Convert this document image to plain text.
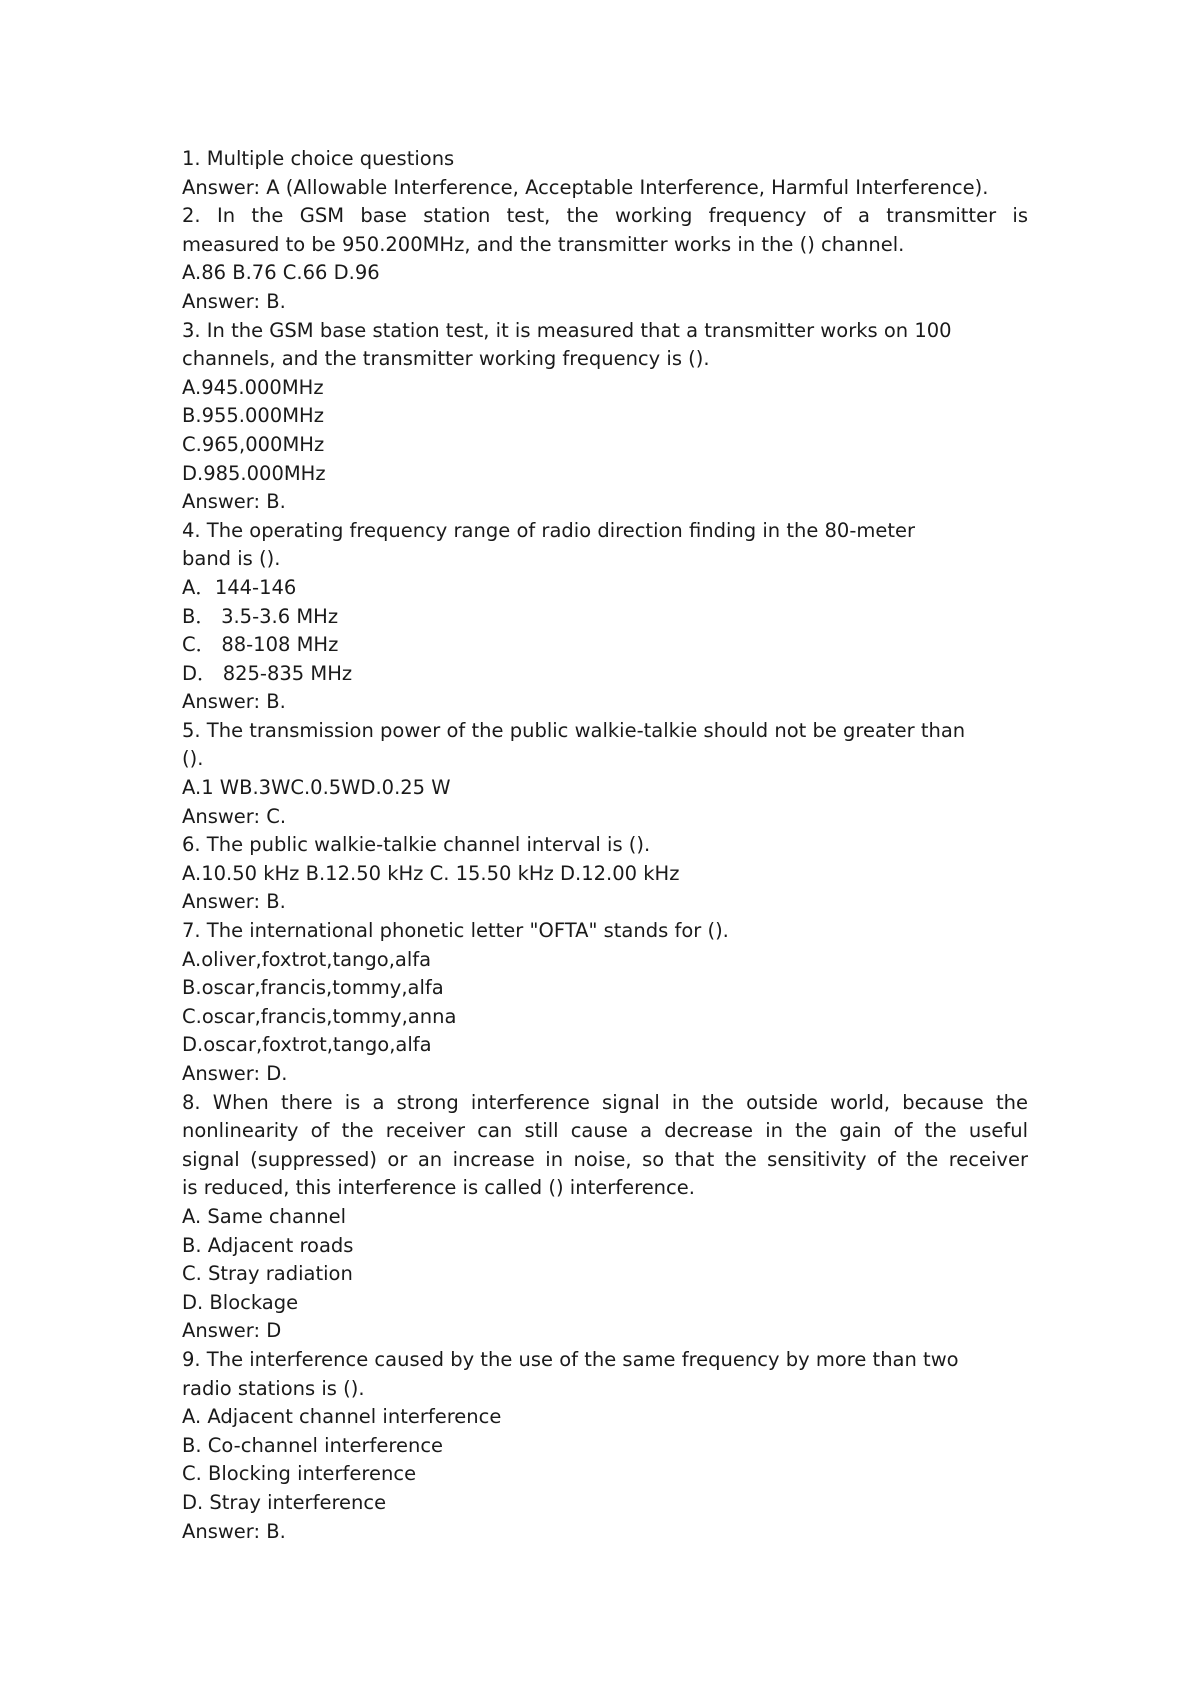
1. Multiple choice questions
Answer: A (Allowable Interference, Acceptable Interference, Harmful Interference).
2. In the GSM base station test, the working frequency of a transmitter is
measured to be 950.200MHz, and the transmitter works in the () channel.
A.86 B.76 C.66 D.96
Answer: B.
3. In the GSM base station test, it is measured that a transmitter works on 100
channels, and the transmitter working frequency is ().
A.945.000MHz
B.955.000MHz
C.965,000MHz
D.985.000MHz
Answer: B.
4. The operating frequency range of radio direction finding in the 80-meter
band is ().
A．144-146
B． 3.5-3.6 MHz
C． 88-108 MHz
D． 825-835 MHz
Answer: B.
5. The transmission power of the public walkie-talkie should not be greater than
().
A.1 WB.3WC.0.5WD.0.25 W
Answer: C.
6. The public walkie-talkie channel interval is ().
A.10.50 kHz B.12.50 kHz C. 15.50 kHz D.12.00 kHz
Answer: B.
7. The international phonetic letter "OFTA" stands for ().
A.oliver,foxtrot,tango,alfa
B.oscar,francis,tommy,alfa
C.oscar,francis,tommy,anna
D.oscar,foxtrot,tango,alfa
Answer: D.
8. When there is a strong interference signal in the outside world, because the
nonlinearity of the receiver can still cause a decrease in the gain of the useful
signal (suppressed) or an increase in noise, so that the sensitivity of the receiver
is reduced, this interference is called () interference.
A. Same channel
B. Adjacent roads
C. Stray radiation
D. Blockage
Answer: D
9. The interference caused by the use of the same frequency by more than two
radio stations is ().
A. Adjacent channel interference
B. Co-channel interference
C. Blocking interference
D. Stray interference
Answer: B.
